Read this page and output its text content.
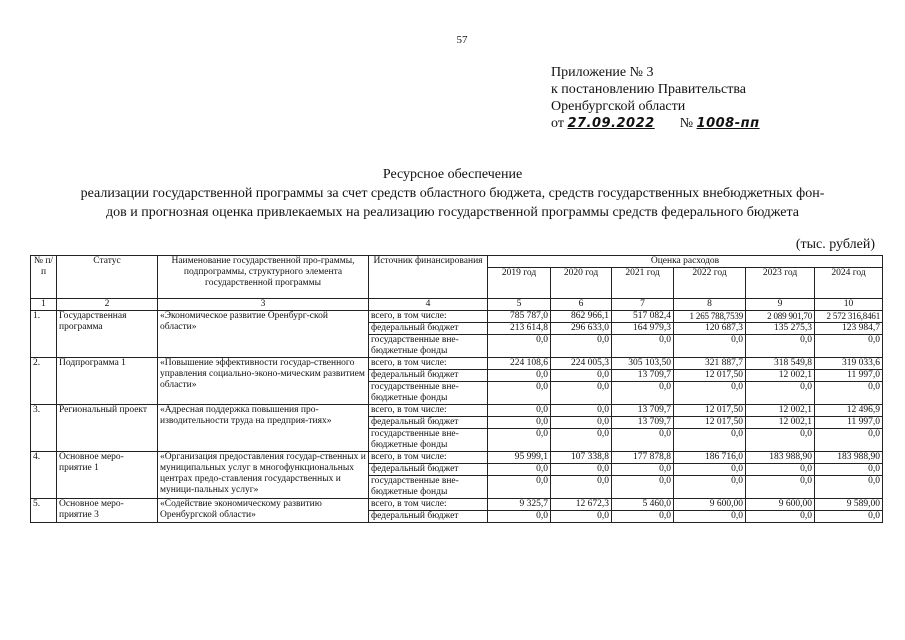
57
Приложение № 3
к постановлению Правительства
Оренбургской области
от 27.09.2022 № 1008-пп
Ресурсное обеспечение
реализации государственной программы за счет средств областного бюджета, средств государственных внебюджетных фон-
дов и прогнозная оценка привлекаемых на реализацию государственной программы средств федерального бюджета
(тыс. рублей)
№ п/п	Статус	Наименование государственной про-граммы, подпрограммы, структурного элемента государственной программы	Источник финансирования	Оценка расходов					
				2019 год	2020 год	2021 год	2022 год	2023 год	2024 год
1	2	3	4	5	6	7	8	9	10
1.	Государственная программа	«Экономическое развитие Оренбург-ской области»	всего, в том числе:	785 787,0	862 966,1	517 082,4	1 265 788,7539	2 089 901,70	2 572 316,8461
			федеральный бюджет	213 614,8	296 633,0	164 979,3	120 687,3	135 275,3	123 984,7
			государственные вне-бюджетные фонды	0,0	0,0	0,0	0,0	0,0	0,0
2.	Подпрограмма 1	«Повышение эффективности государ-ственного управления социально-эконо-мическим развитием области»	всего, в том числе:	224 108,6	224 005,3	305 103,50	321 887,7	318 549,8	319 033,6
			федеральный бюджет	0,0	0,0	13 709,7	12 017,50	12 002,1	11 997,0
			государственные вне-бюджетные фонды	0,0	0,0	0,0	0,0	0,0	0,0
3.	Региональный проект	«Адресная поддержка повышения про-изводительности труда на предприя-тиях»	всего, в том числе:	0,0	0,0	13 709,7	12 017,50	12 002,1	12 496,9
			федеральный бюджет	0,0	0,0	13 709,7	12 017,50	12 002,1	11 997,0
			государственные вне-бюджетные фонды	0,0	0,0	0,0	0,0	0,0	0,0
4.	Основное меро-приятие 1	«Организация предоставления государ-ственных и муниципальных услуг в многофункциональных центрах предо-ставления государственных и муници-пальных услуг»	всего, в том числе:	95 999,1	107 338,8	177 878,8	186 716,0	183 988,90	183 988,90
			федеральный бюджет	0,0	0,0	0,0	0,0	0,0	0,0
			государственные вне-бюджетные фонды	0,0	0,0	0,0	0,0	0,0	0,0
5.	Основное меро-приятие 3	«Содействие экономическому развитию Оренбургской области»	всего, в том числе:	9 325,7	12 672,3	5 460,0	9 600,00	9 600,00	9 589,00
			федеральный бюджет	0,0	0,0	0,0	0,0	0,0	0,0
